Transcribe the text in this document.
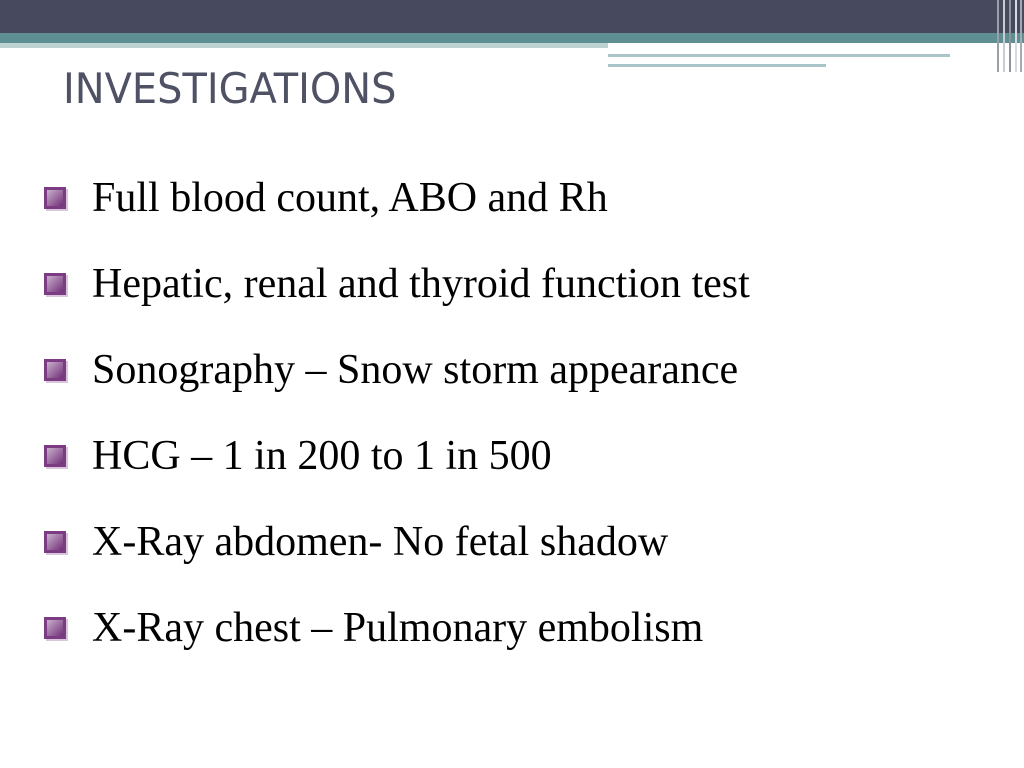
INVESTIGATIONS
Full blood count, ABO and Rh
Hepatic, renal and thyroid function test
Sonography – Snow storm appearance
HCG – 1 in 200 to 1 in 500
X-Ray abdomen- No fetal shadow
X-Ray chest – Pulmonary embolism
